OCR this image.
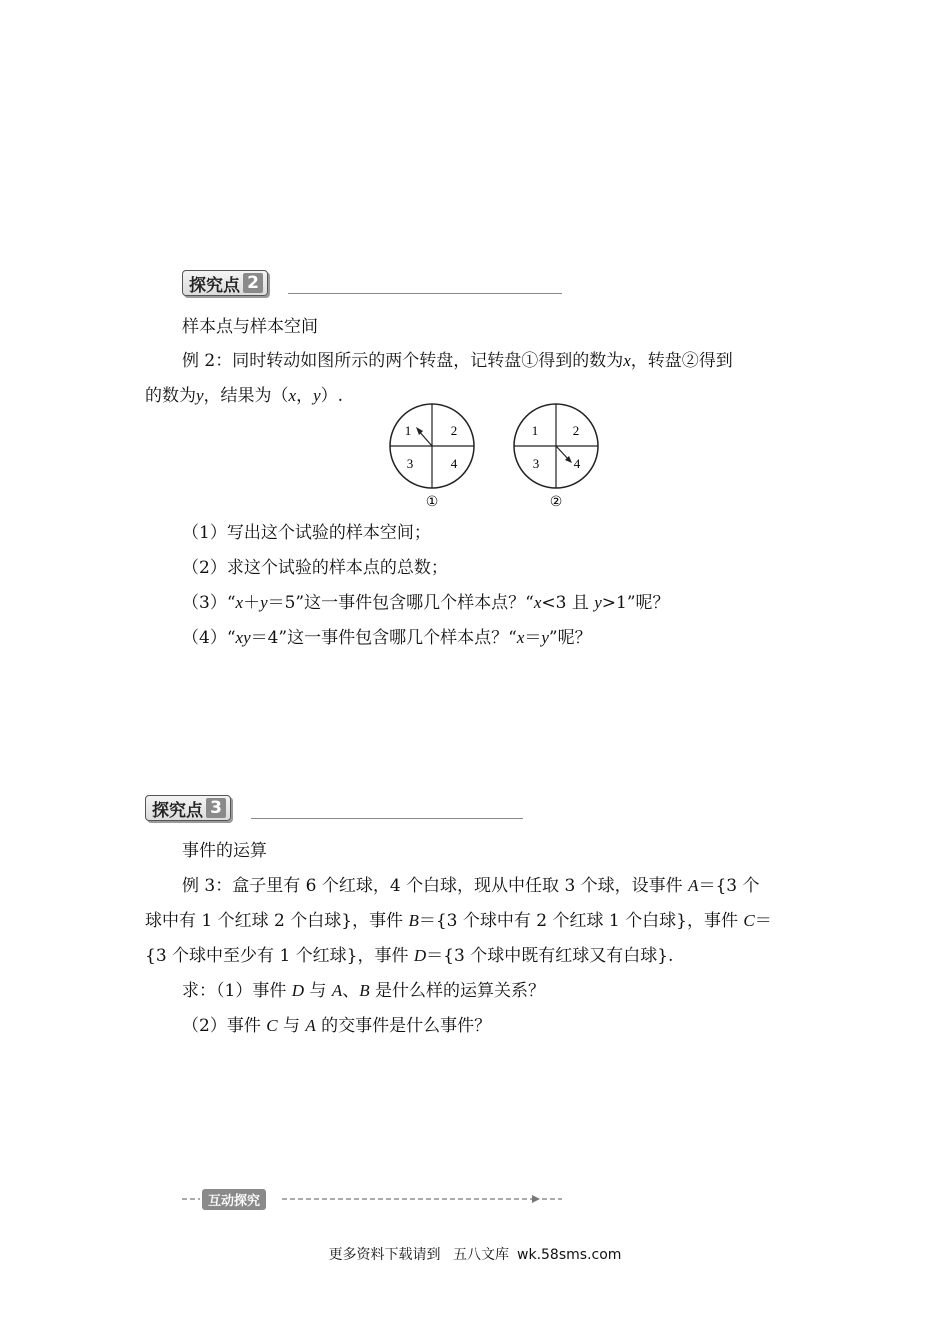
探究点 2
样本点与样本空间
例 2：同时转动如图所示的两个转盘，记转盘①得到的数为x，转盘②得到
的数为y，结果为（x，y）.
1	2
3	4
①
1	2
3	4
②
（1）写出这个试验的样本空间；
（2）求这个试验的样本点的总数；
（3）“x＋y＝5”这一事件包含哪几个样本点？“x<3 且 y>1”呢？
（4）“xy＝4”这一事件包含哪几个样本点？“x＝y”呢？
探究点 3
事件的运算
例 3：盒子里有 6 个红球，4 个白球，现从中任取 3 个球，设事件 A＝{3 个
球中有 1 个红球 2 个白球}，事件 B＝{3 个球中有 2 个红球 1 个白球}，事件 C＝
{3 个球中至少有 1 个红球}，事件 D＝{3 个球中既有红球又有白球}.
求：（1）事件 D 与 A、B 是什么样的运算关系？
（2）事件 C 与 A 的交事件是什么事件？
互动探究
更多资料下载请到 五八文库 wk.58sms.com
